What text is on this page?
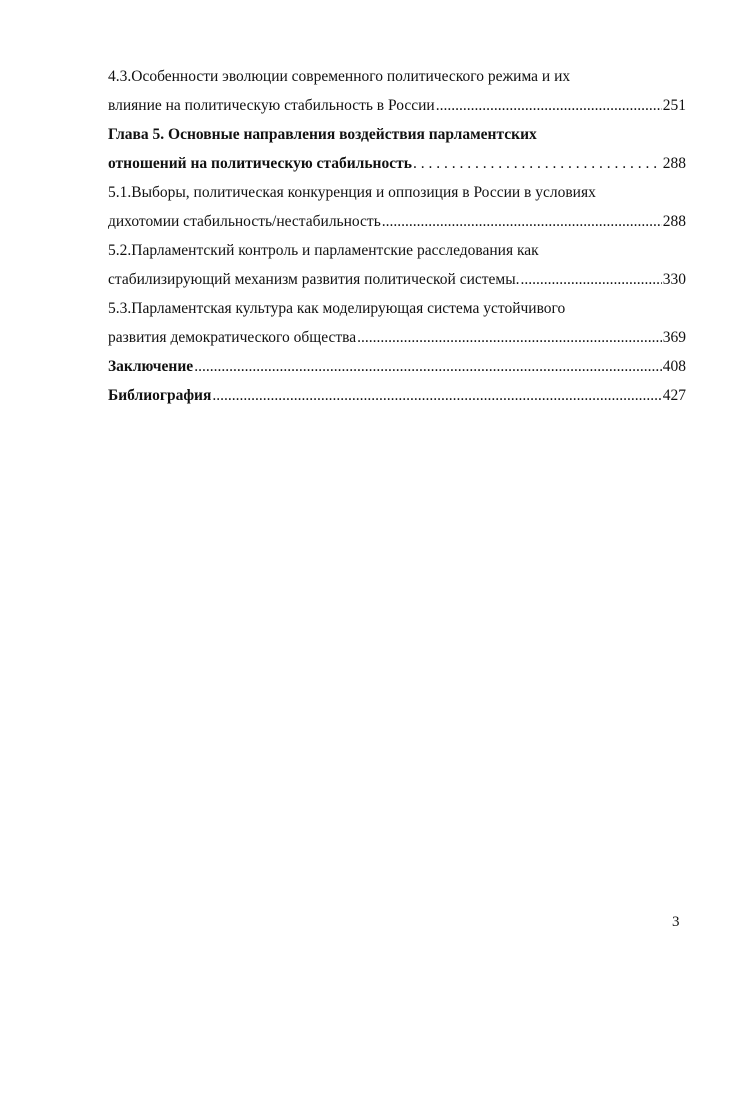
4.3.Особенности эволюции современного политического режима и их
влияние на политическую стабильность в России .....	251
Глава 5. Основные направления воздействия парламентских
отношений на политическую стабильность . . .	288
5.1.Выборы, политическая конкуренция и оппозиция в России в условиях
дихотомии стабильность/нестабильность .....	288
5.2.Парламентский контроль и парламентские расследования как
стабилизирующий механизм развития политической системы. .....	330
5.3.Парламентская культура как моделирующая система устойчивого
развития демократического общества .....	369
Заключение .....	408
Библиография .....	427
3
